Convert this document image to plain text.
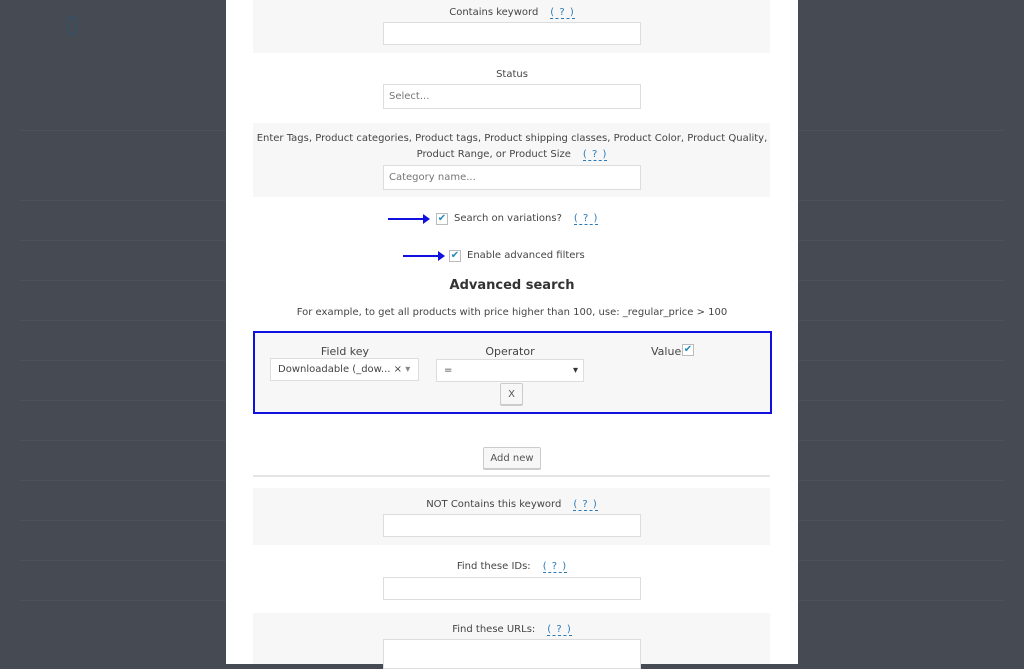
▯	Contains keyword ( ? )
Status
Select...
Enter Tags, Product categories, Product tags, Product shipping classes, Product Color, Product Quality,
Product Range, or Product Size ( ? )
Category name...
✔ Search on variations? ( ? )
✔ Enable advanced filters
Advanced search
For example, to get all products with price higher than 100, use: _regular_price > 100
Field key
Downloadable (_dow... × ▾
Operator
=	▾
Value ✔
X
Add new
NOT Contains this keyword ( ? )
Find these IDs: ( ? )
Find these URLs: ( ? )
